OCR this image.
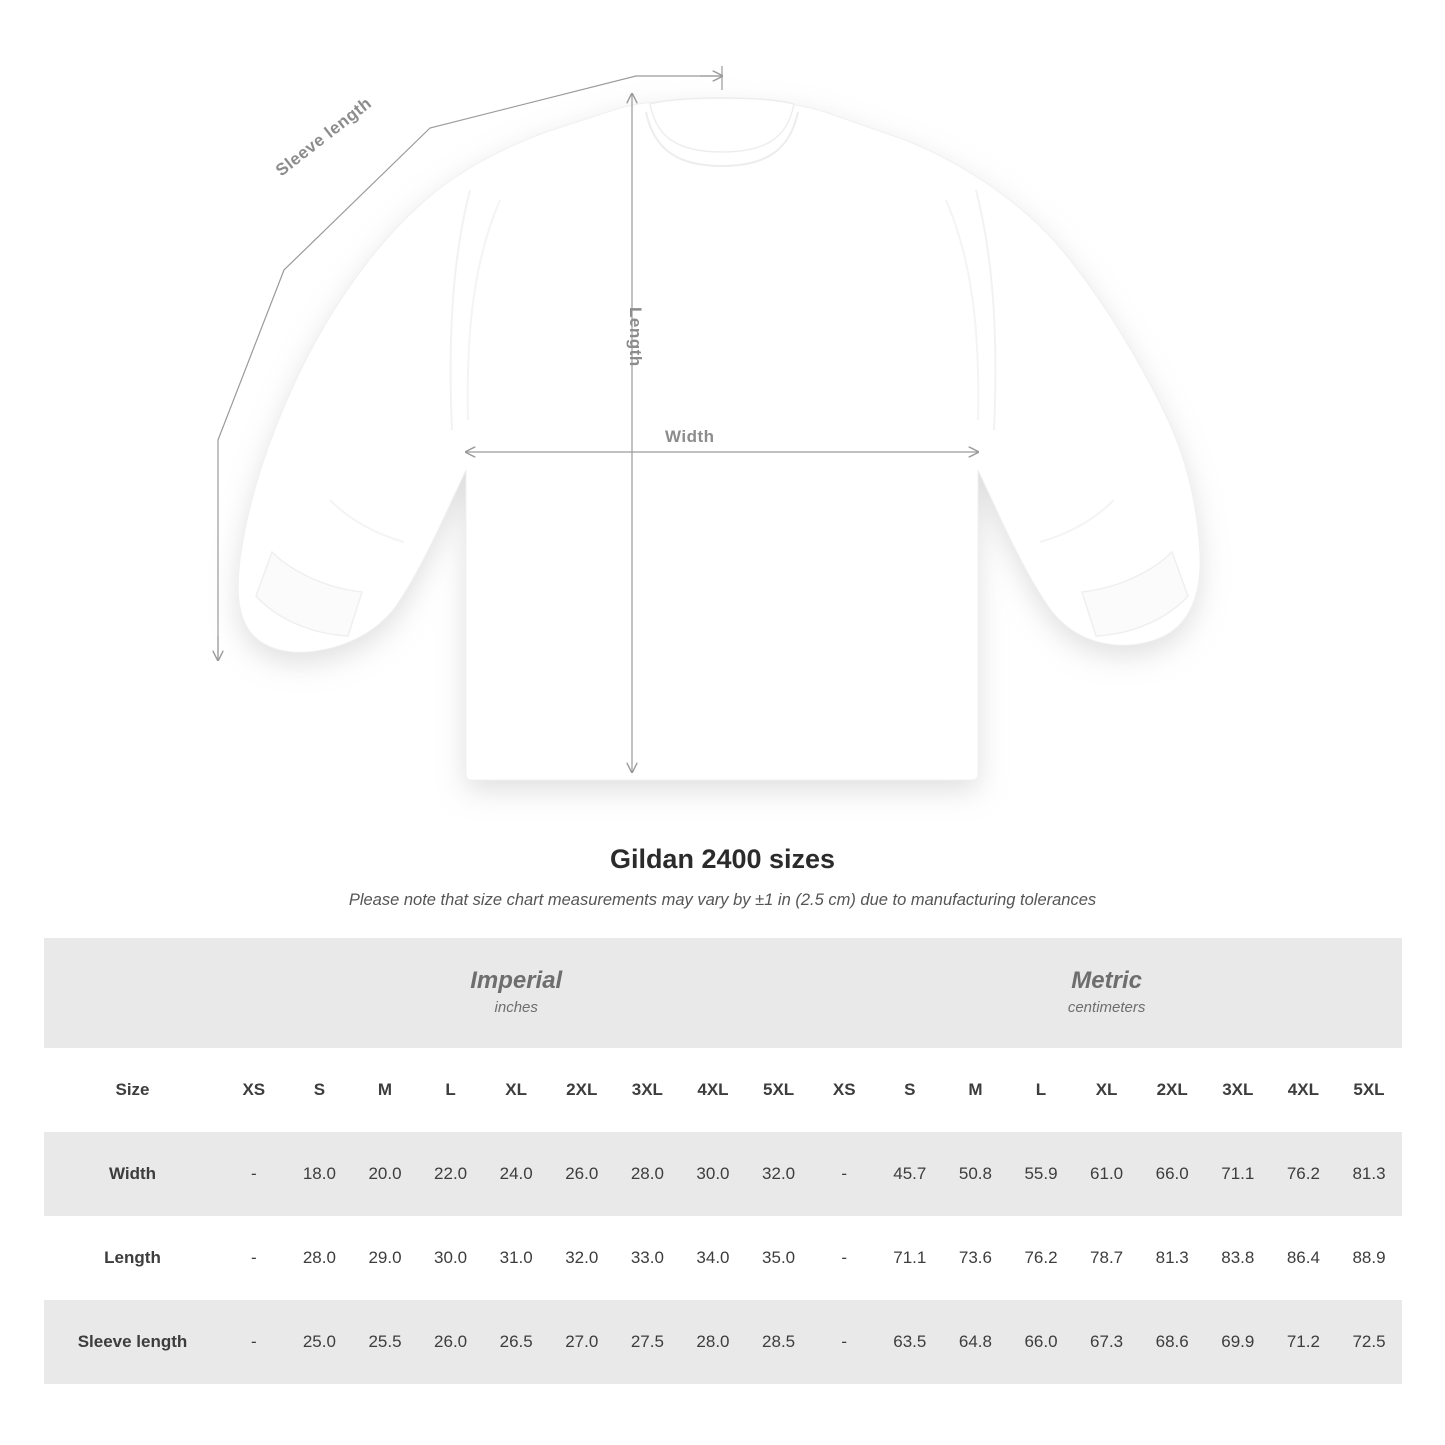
Sleeve length
Length
Width
Gildan 2400 sizes

Please note that size chart measurements may vary by ±1 in (2.5 cm) due to manufacturing tolerances

Imperial
inches

Metric
centimeters

Size	XS	S	M	L	XL	2XL	3XL	4XL	5XL	XS	S	M	L	XL	2XL	3XL	4XL	5XL
Width	-	18.0	20.0	22.0	24.0	26.0	28.0	30.0	32.0	-	45.7	50.8	55.9	61.0	66.0	71.1	76.2	81.3
Length	-	28.0	29.0	30.0	31.0	32.0	33.0	34.0	35.0	-	71.1	73.6	76.2	78.7	81.3	83.8	86.4	88.9
Sleeve length	-	25.0	25.5	26.0	26.5	27.0	27.5	28.0	28.5	-	63.5	64.8	66.0	67.3	68.6	69.9	71.2	72.5
